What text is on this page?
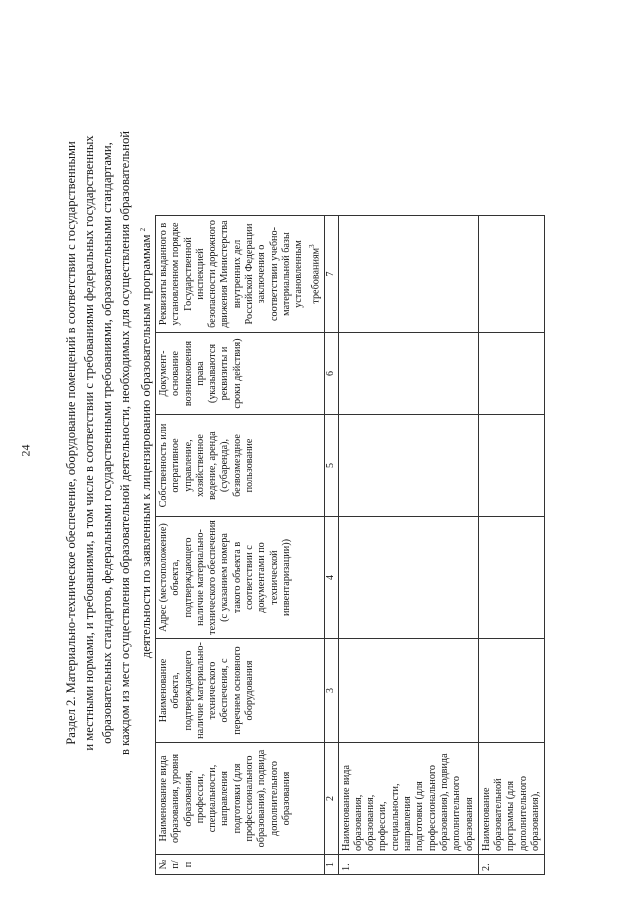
24	Раздел 2. Материально-техническое обеспечение, оборудование помещений в соответствии с государственными и местными нормами, и требованиями, в том числе в соответствии с требованиями федеральных государственных образовательных стандартов, федеральными государственными требованиями, образовательными стандартами, в каждом из мест осуществления образовательной деятельности, необходимых для осуществления образовательной деятельности по заявленным к лицензированию образовательным программам $^2$
№ п/п	Наименование вида образования, уровня образования, профессии, специальности, направления подготовки (для профессионального образования), подвида дополнительного образования	Наименование объекта, подтверждающего наличие материально-технического обеспечения, с перечнем основного оборудования	Адрес (местоположение) объекта, подтверждающего наличие материально-технического обеспечения (с указанием номера такого объекта в соответствии с документами по технической инвентаризации))	Собственность или оперативное управление, хозяйственное ведение, аренда (субаренда), безвозмездное пользование	Документ-основание возникновения права (указываются реквизиты и сроки действия)	Реквизиты выданного в установленном порядке Государственной инспекцией безопасности дорожного движения Министерства внутренних дел Российской Федерации заключения о соответствии учебно-материальной базы установленным требованиям$^3$
1	2	3	4	5	6	7
1.	Наименование вида образования, образования, профессии, специальности, направления подготовки (для профессионального образования), подвида дополнительного образования					
2.	Наименование образовательной программы (для дополнительного образования),					
